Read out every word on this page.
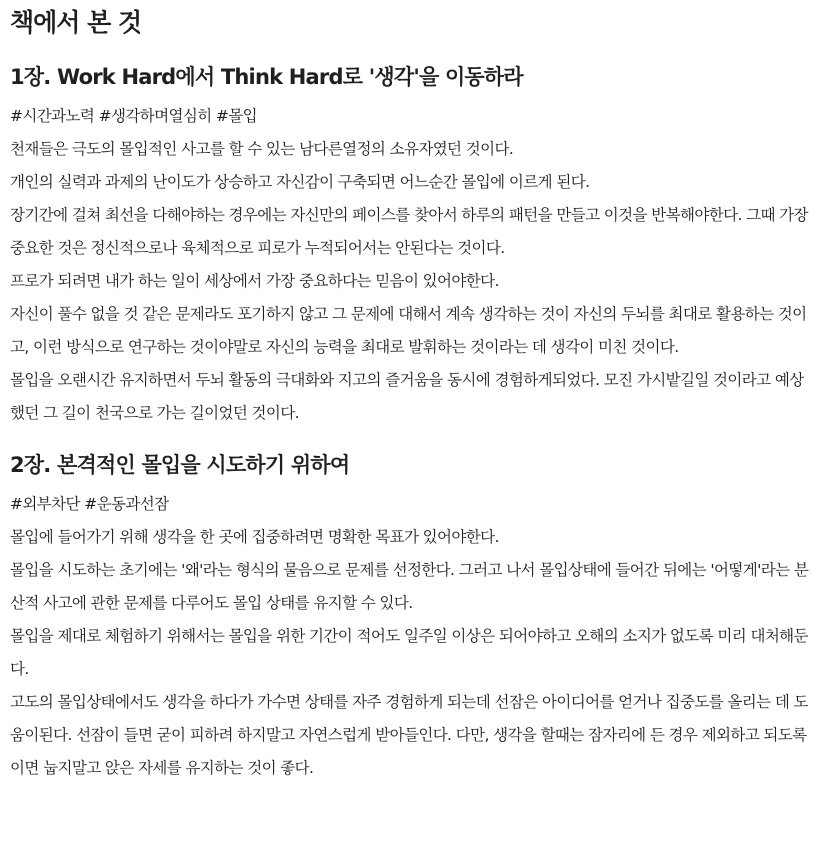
책에서 본 것
1장. Work Hard에서 Think Hard로 '생각'을 이동하라

#시간과노력 #생각하며열심히 #몰입

천재들은 극도의 몰입적인 사고를 할 수 있는 남다른열정의 소유자였던 것이다.

개인의 실력과 과제의 난이도가 상승하고 자신감이 구축되면 어느순간 몰입에 이르게 된다.

장기간에 걸쳐 최선을 다해야하는 경우에는 자신만의 페이스를 찾아서 하루의 패턴을 만들고 이것을 반복해야한다. 그때 가장 중요한 것은 정신적으로나 육체적으로 피로가 누적되어서는 안된다는 것이다.

프로가 되려면 내가 하는 일이 세상에서 가장 중요하다는 믿음이 있어야한다.

자신이 풀수 없을 것 같은 문제라도 포기하지 않고 그 문제에 대해서 계속 생각하는 것이 자신의 두뇌를 최대로 활용하는 것이고, 이런 방식으로 연구하는 것이야말로 자신의 능력을 최대로 발휘하는 것이라는 데 생각이 미친 것이다.

몰입을 오랜시간 유지하면서 두뇌 활동의 극대화와 지고의 즐거움을 동시에 경험하게되었다. 모진 가시밭길일 것이라고 예상했던 그 길이 천국으로 가는 길이었던 것이다.

2장. 본격적인 몰입을 시도하기 위하여

#외부차단 #운동과선잠

몰입에 들어가기 위해 생각을 한 곳에 집중하려면 명확한 목표가 있어야한다.

몰입을 시도하는 초기에는 '왜'라는 형식의 물음으로 문제를 선정한다. 그러고 나서 몰입상태에 들어간 뒤에는 '어떻게'라는 분산적 사고에 관한 문제를 다루어도 몰입 상태를 유지할 수 있다.

몰입을 제대로 체험하기 위해서는 몰입을 위한 기간이 적어도 일주일 이상은 되어야하고 오해의 소지가 없도록 미리 대처해둔다.

고도의 몰입상태에서도 생각을 하다가 가수면 상태를 자주 경험하게 되는데 선잠은 아이디어를 얻거나 집중도를 올리는 데 도움이된다. 선잠이 들면 굳이 피하려 하지말고 자연스럽게 받아들인다. 다만, 생각을 할때는 잠자리에 든 경우 제외하고 되도록이면 눕지말고 앉은 자세를 유지하는 것이 좋다.
